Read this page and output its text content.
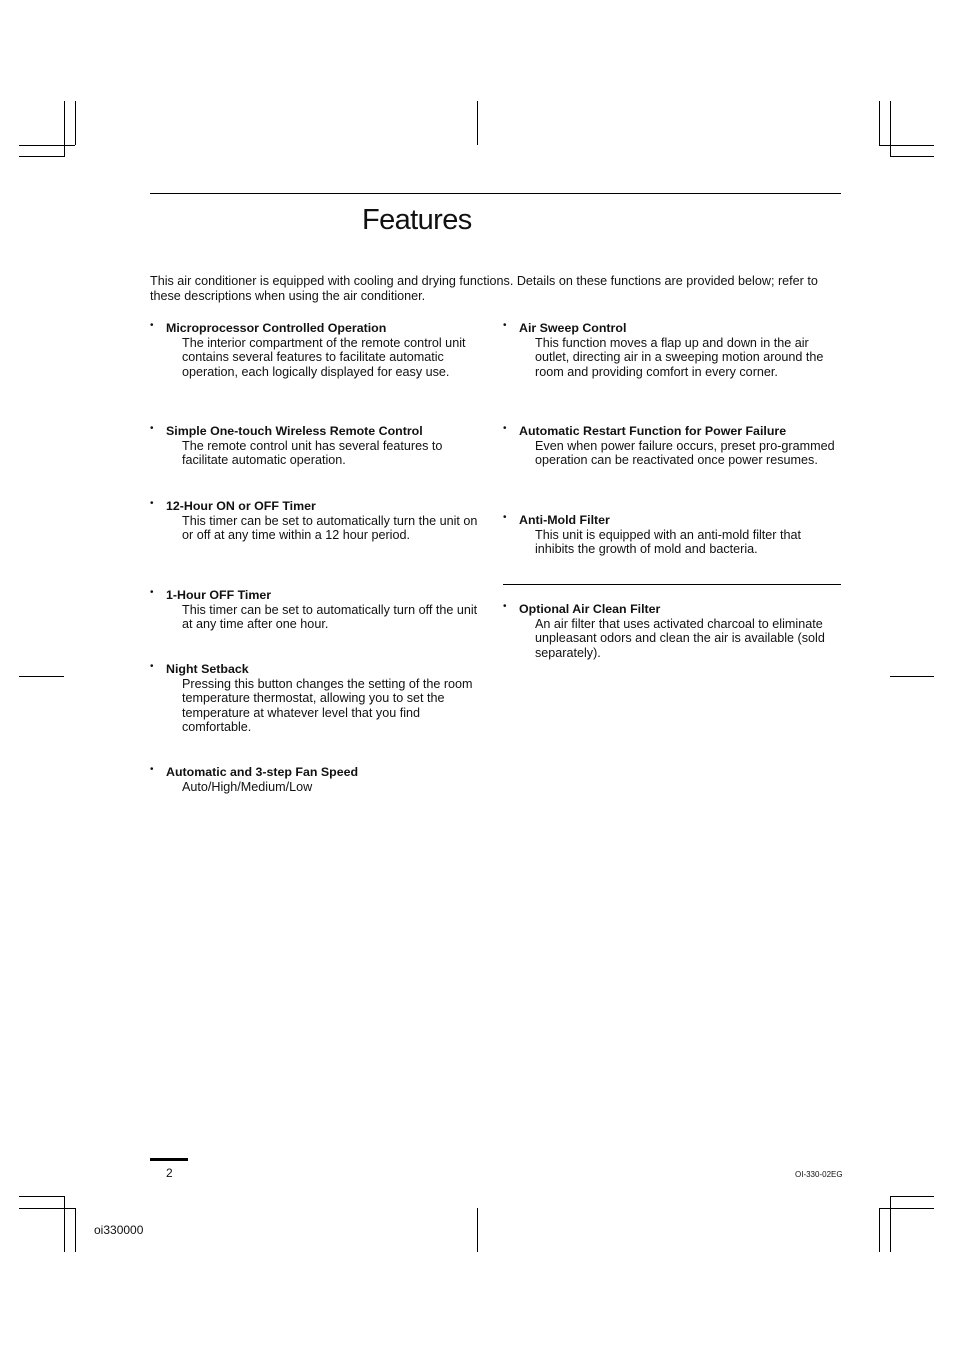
Features

This air conditioner is equipped with cooling and drying functions. Details on these functions are provided below; refer to these descriptions when using the air conditioner.

• Microprocessor Controlled Operation
The interior compartment of the remote control unit contains several features to facilitate automatic operation, each logically displayed for easy use.
• Simple One-touch Wireless Remote Control
The remote control unit has several features to facilitate automatic operation.
• 12-Hour ON or OFF Timer
This timer can be set to automatically turn the unit on or off at any time within a 12 hour period.
• 1-Hour OFF Timer
This timer can be set to automatically turn off the unit at any time after one hour.
• Night Setback
Pressing this button changes the setting of the room temperature thermostat, allowing you to set the temperature at whatever level that you find comfortable.
• Automatic and 3-step Fan Speed
Auto/High/Medium/Low
• Air Sweep Control
This function moves a flap up and down in the air outlet, directing air in a sweeping motion around the room and providing comfort in every corner.
• Automatic Restart Function for Power Failure
Even when power failure occurs, preset pro-grammed operation can be reactivated once power resumes.
• Anti-Mold Filter
This unit is equipped with an anti-mold filter that inhibits the growth of mold and bacteria.
• Optional Air Clean Filter
An air filter that uses activated charcoal to eliminate unpleasant odors and clean the air is available (sold separately).
2	OI-330-02EG
oi330000
